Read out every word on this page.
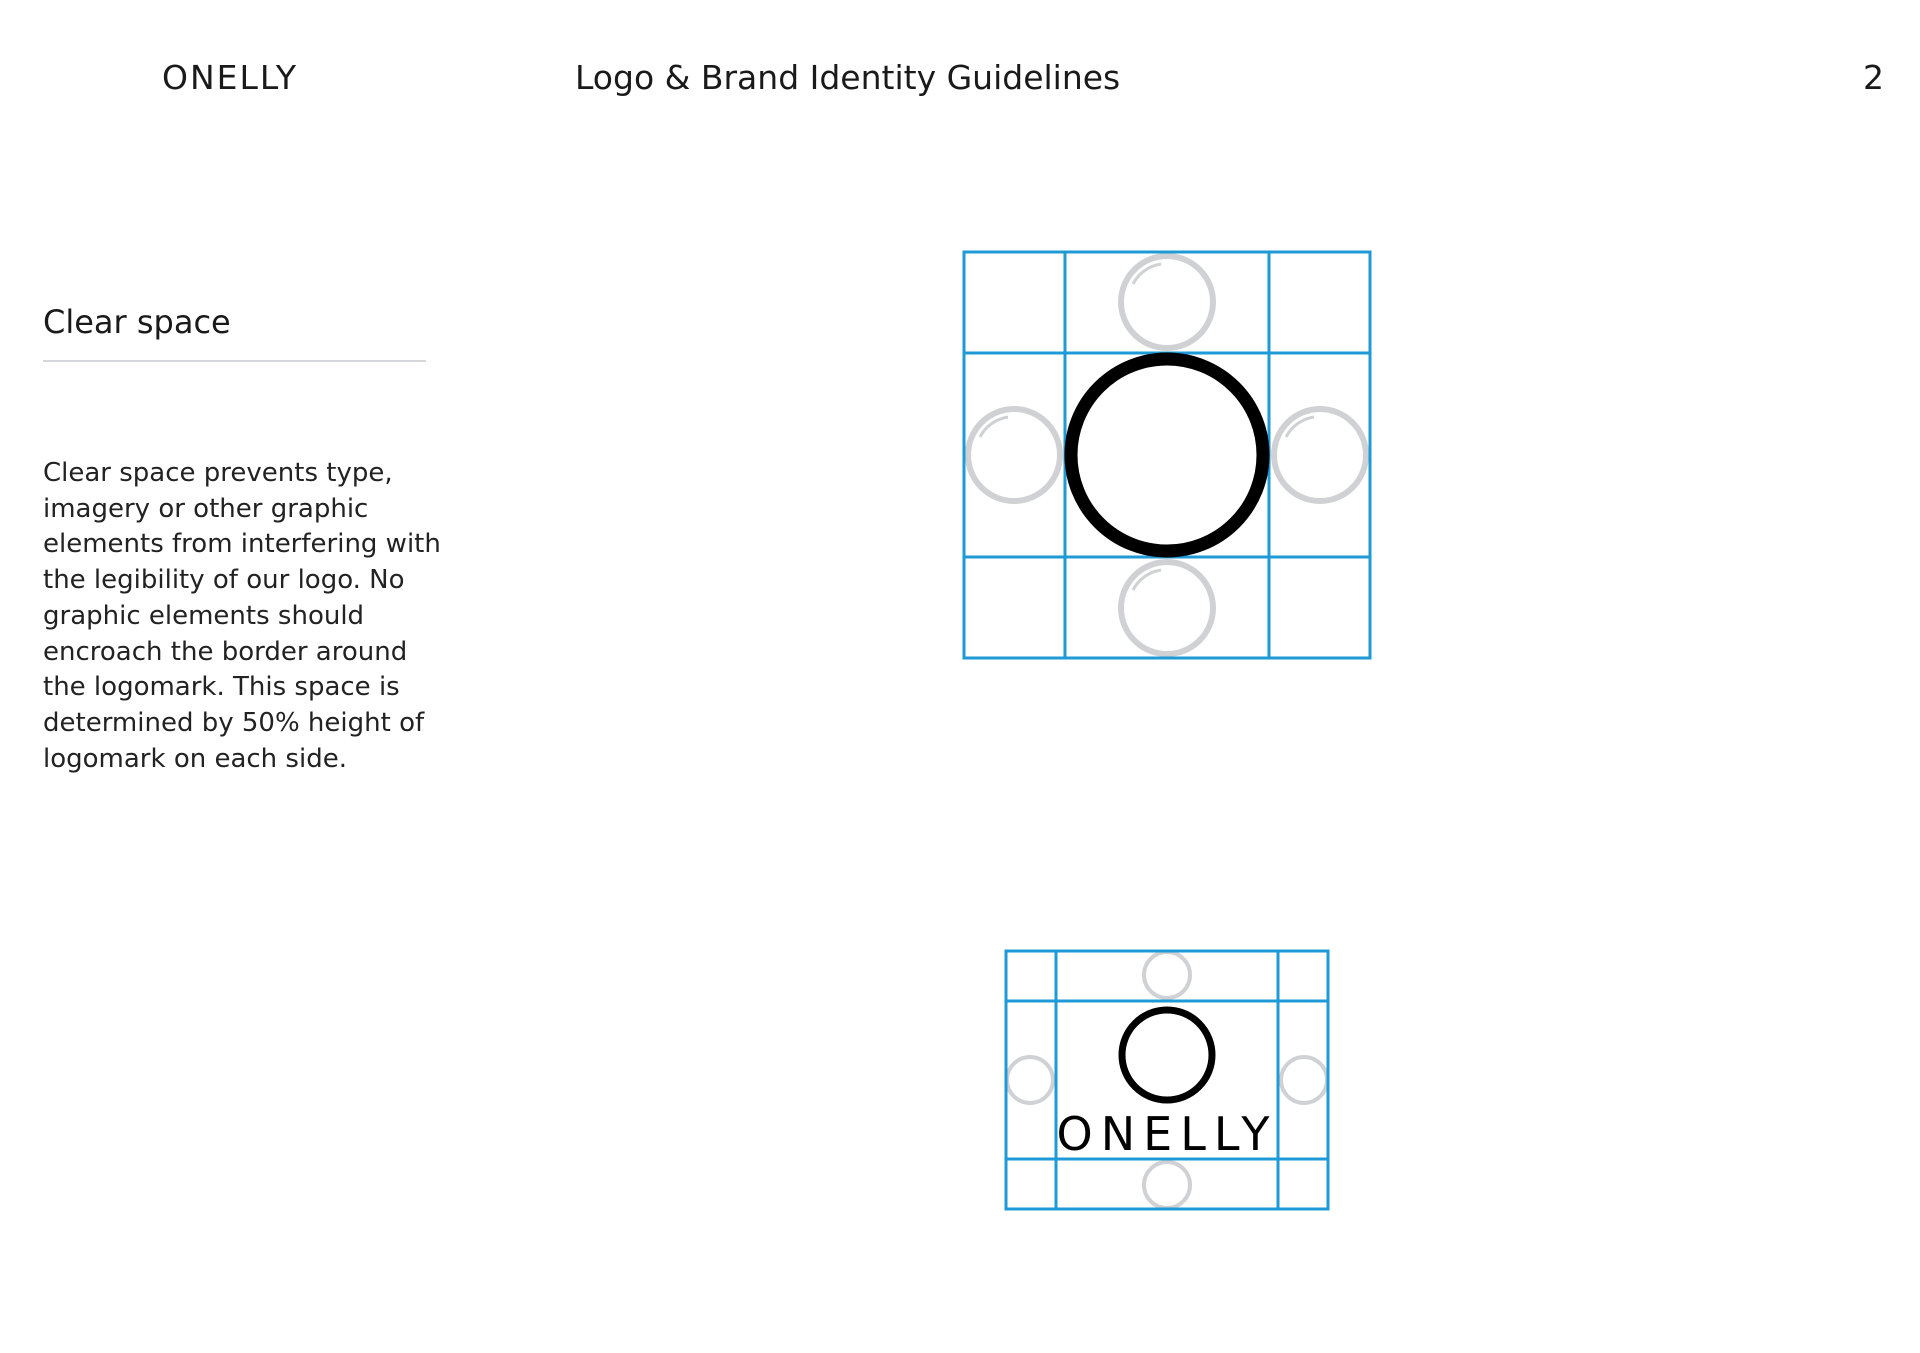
ONELLY	Logo & Brand Identity Guidelines	2
Clear space
Clear space prevents type, imagery or other graphic elements from interfering with the legibility of our logo. No graphic elements should encroach the border around the logomark. This space is determined by 50% height of logomark on each side.
ONELLY
